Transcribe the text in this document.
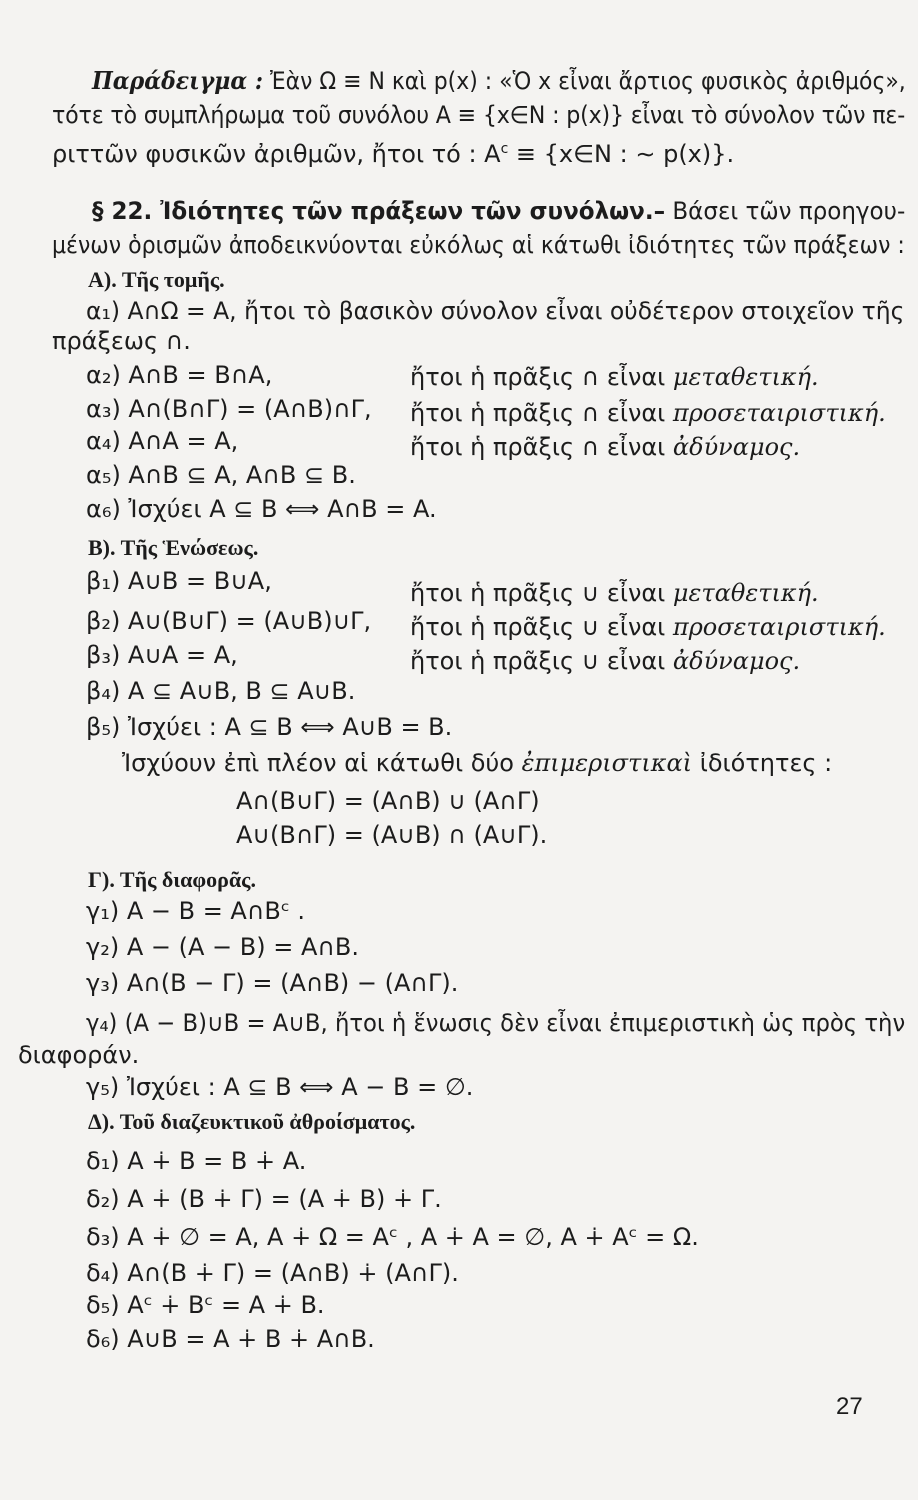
Παράδειγμα : Ἐὰν Ω ≡ N καὶ p(x) : «Ὁ x εἶναι ἄρτιος φυσικὸς ἀριθμός»,
τότε τὸ συμπλήρωμα τοῦ συνόλου A ≡ {x∈N : p(x)} εἶναι τὸ σύνολον τῶν πε-
ριττῶν φυσικῶν ἀριθμῶν, ἤτοι τό : $A^c$ ≡ {x∈N : ∼ p(x)}.
§ 22. Ἰδιότητες τῶν πράξεων τῶν συνόλων.– Βάσει τῶν προηγου-
μένων ὁρισμῶν ἀποδεικνύονται εὐκόλως αἱ κάτωθι ἰδιότητες τῶν πράξεων :
Α). Τῆς τομῆς.
α₁) A∩Ω = A, ἤτοι τὸ βασικὸν σύνολον εἶναι οὐδέτερον στοιχεῖον τῆς
πράξεως ∩.
α₂) A∩B = B∩A,	ἤτοι ἡ πρᾶξις ∩ εἶναι μεταθετική.
α₃) A∩(B∩Γ) = (A∩B)∩Γ, ἤτοι ἡ πρᾶξις ∩ εἶναι προσεταιριστική.
α₄) A∩A = A,	ἤτοι ἡ πρᾶξις ∩ εἶναι ἀδύναμος.
α₅) A∩B ⊆ A, A∩B ⊆ B.
α₆) Ἰσχύει A ⊆ B ⟺ A∩B = A.
Β). Τῆς Ἑνώσεως.
β₁) A∪B = B∪A,	ἤτοι ἡ πρᾶξις ∪ εἶναι μεταθετική.
β₂) A∪(B∪Γ) = (A∪B)∪Γ, ἤτοι ἡ πρᾶξις ∪ εἶναι προσεταιριστική.
β₃) A∪A = A,	ἤτοι ἡ πρᾶξις ∪ εἶναι ἀδύναμος.
β₄) A ⊆ A∪B, B ⊆ A∪B.
β₅) Ἰσχύει : A ⊆ B ⟺ A∪B = B.
Ἰσχύουν ἐπὶ πλέον αἱ κάτωθι δύο ἐπιμεριστικαὶ ἰδιότητες :
A∩(B∪Γ) = (A∩B) ∪ (A∩Γ)
A∪(B∩Γ) = (A∪B) ∩ (A∪Γ).
Γ). Τῆς διαφορᾶς.
γ₁) A − B = A∩Bᶜ .
γ₂) A − (A − B) = A∩B.
γ₃) A∩(B − Γ) = (A∩B) − (A∩Γ).
γ₄) (A − B)∪B = A∪B, ἤτοι ἡ ἕνωσις δὲν εἶναι ἐπιμεριστικὴ ὡς πρὸς τὴν
διαφοράν.
γ₅) Ἰσχύει : A ⊆ B ⟺ A − B = ∅.
Δ). Τοῦ διαζευκτικοῦ ἀθροίσματος.
δ₁) A ∔ B = B ∔ A.
δ₂) A ∔ (B ∔ Γ) = (A ∔ B) ∔ Γ.
δ₃) A ∔ ∅ = A, A ∔ Ω = Aᶜ , A ∔ A = ∅, A ∔ Aᶜ = Ω.
δ₄) A∩(B ∔ Γ) = (A∩B) ∔ (A∩Γ).
δ₅) Aᶜ ∔ Bᶜ = A ∔ B.
δ₆) A∪B = A ∔ B ∔ A∩B.
27
